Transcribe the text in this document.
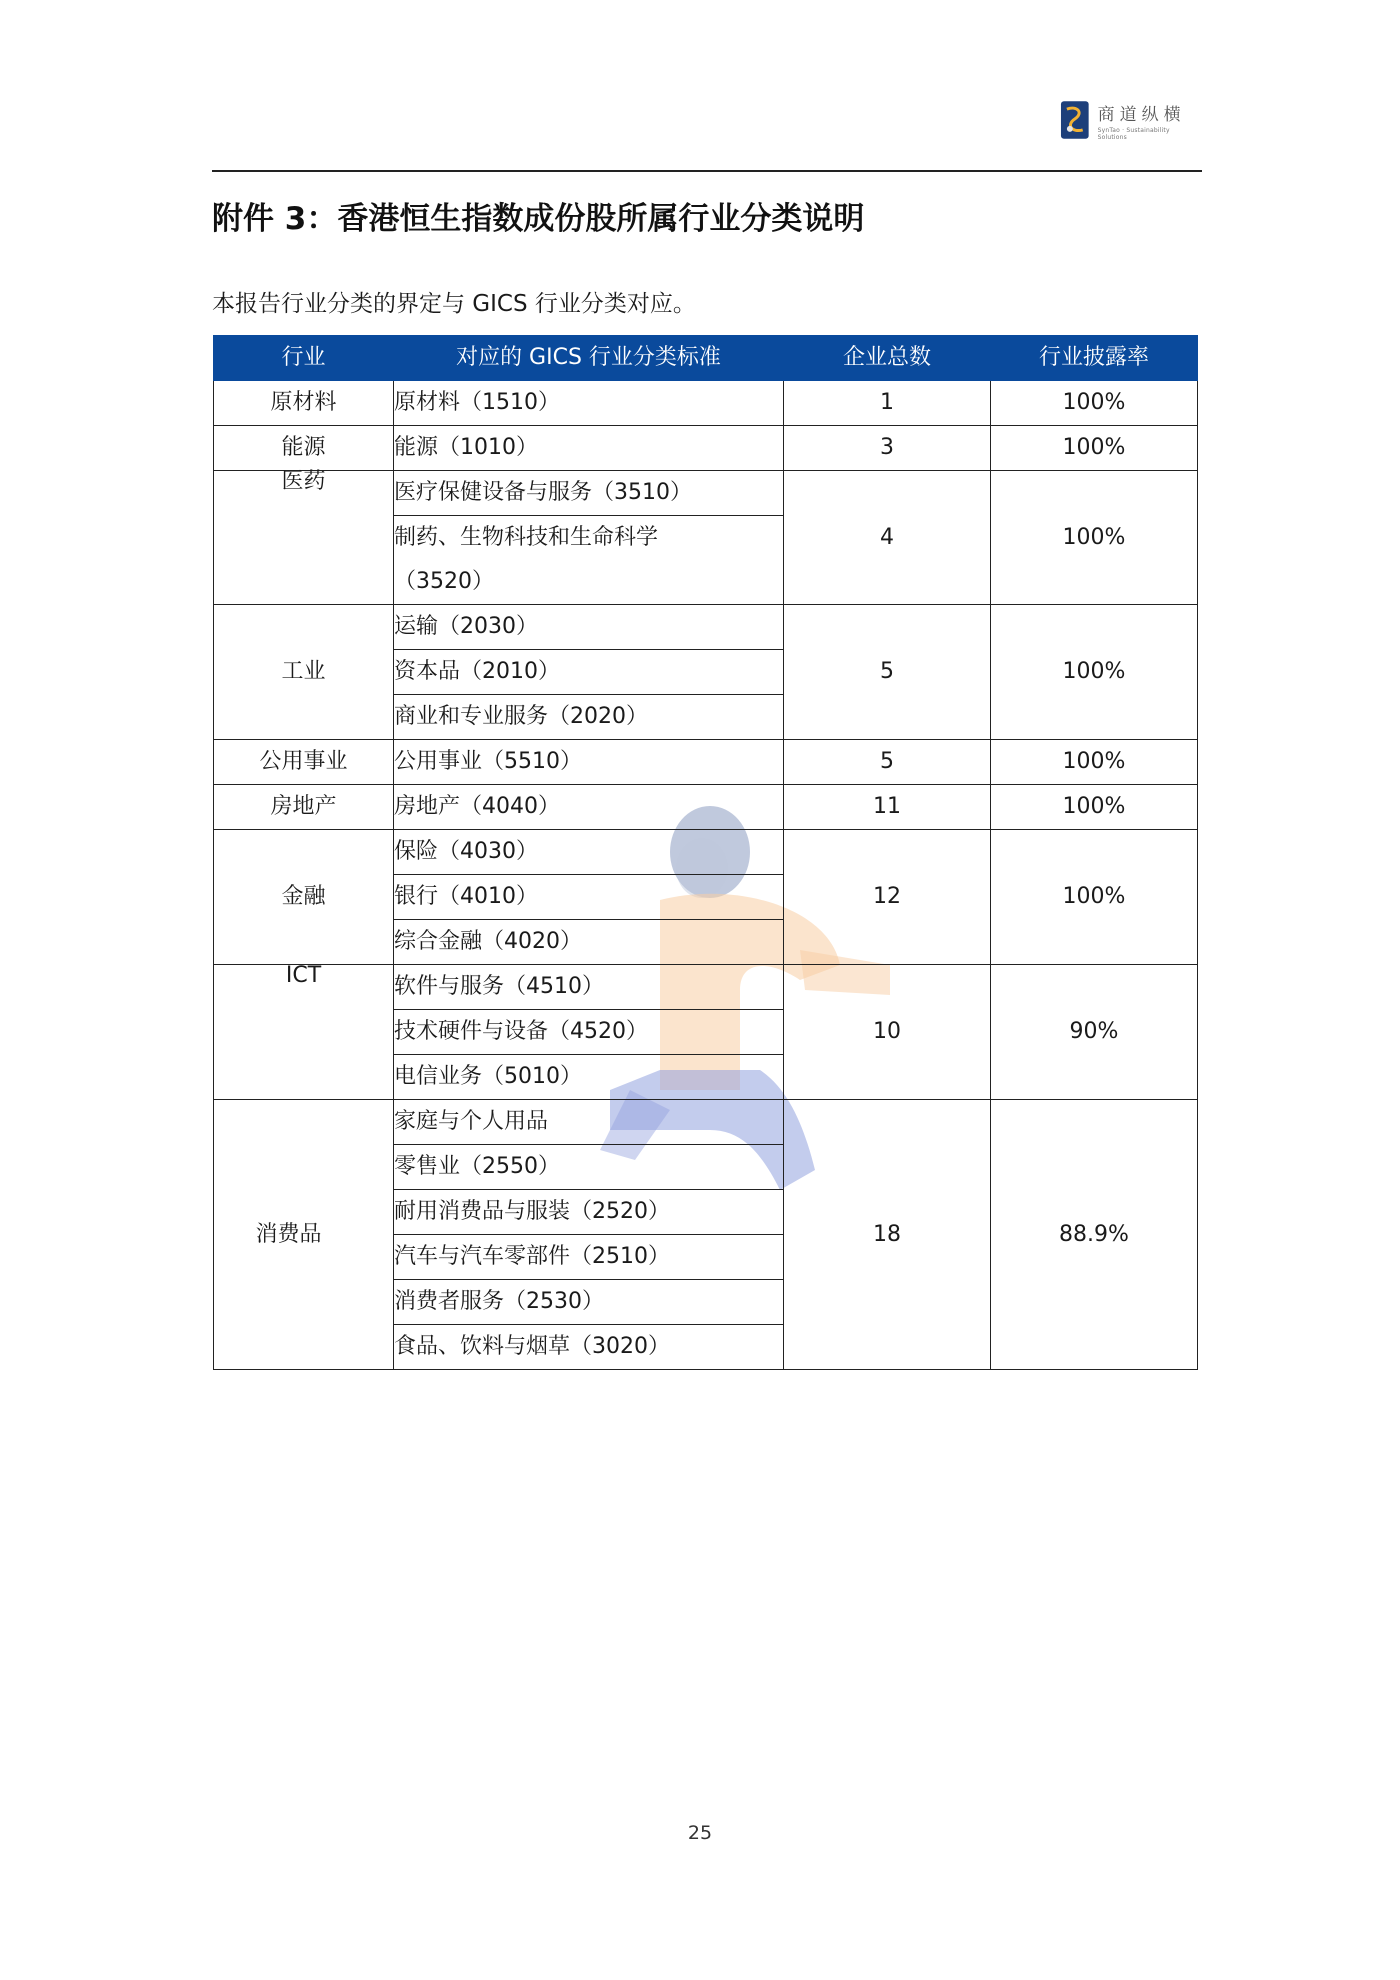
商道纵横
SynTao · Sustainability Solutions
附件 3：香港恒生指数成份股所属行业分类说明

本报告行业分类的界定与 GICS 行业分类对应。

行业	对应的 GICS 行业分类标准	企业总数	行业披露率
原材料	原材料（1510）	1	100%
能源	能源（1010）	3	100%
医药	医疗保健设备与服务（3510）	4	100%
	制药、生物科技和生命科学（3520）		
工业	运输（2030）	5	100%
	资本品（2010）		
	商业和专业服务（2020）		
公用事业	公用事业（5510）	5	100%
房地产	房地产（4040）	11	100%
金融	保险（4030）	12	100%
	银行（4010）		
	综合金融（4020）		
ICT	软件与服务（4510）	10	90%
	技术硬件与设备（4520）		
	电信业务（5010）		
消费品	家庭与个人用品	18	88.9%
	零售业（2550）		
	耐用消费品与服装（2520）		
	汽车与汽车零部件（2510）		
	消费者服务（2530）		
	食品、饮料与烟草（3020）		

25
